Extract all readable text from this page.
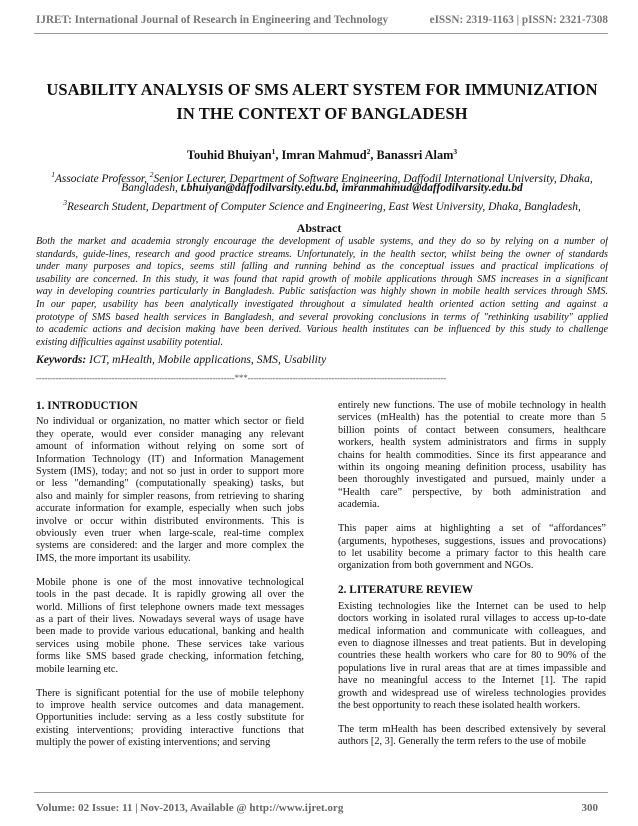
IJRET: International Journal of Research in Engineering and Technology	eISSN: 2319-1163 | pISSN: 2321-7308
USABILITY ANALYSIS OF SMS ALERT SYSTEM FOR IMMUNIZATION
IN THE CONTEXT OF BANGLADESH
Touhid Bhuiyan$^1$, Imran Mahmud$^2$, Banassri Alam$^3$
$^1$Associate Professor, $^2$Senior Lecturer, Department of Software Engineering, Daffodil International University, Dhaka,
Bangladesh, t.bhuiyan@daffodilvarsity.edu.bd, imranmahmud@daffodilvarsity.edu.bd
$^3$Research Student, Department of Computer Science and Engineering, East West University, Dhaka, Bangladesh,
Abstract
Both the market and academia strongly encourage the development of usable systems, and they do so by relying on a number of
standards, guide-lines, research and good practice streams. Unfortunately, in the health sector, whilst being the owner of standards
under many purposes and topics, seems still falling and running behind as the conceptual issues and practical implications of
usability are concerned. In this study, it was found that rapid growth of mobile applications through SMS increases in a significant
way in developing countries particularly in Bangladesh. Public satisfaction was highly shown in mobile health services through SMS.
In our paper, usability has been analytically investigated throughout a simulated health oriented action setting and against a
prototype of SMS based health services in Bangladesh, and several provoking conclusions in terms of "rethinking usability" applied
to academic actions and decision making have been derived. Various health institutes can be influenced by this study to challenge
existing difficulties against usability potential.
Keywords: ICT, mHealth, Mobile applications, SMS, Usability
-----------------------------------------------------------------------***-----------------------------------------------------------------------
1. INTRODUCTION

No individual or organization, no matter which sector or field
they operate, would ever consider managing any relevant
amount of information without relying on some sort of
Information Technology (IT) and Information Management
System (IMS), today; and not so just in order to support more
or less "demanding" (computationally speaking) tasks, but
also and mainly for simpler reasons, from retrieving to sharing
accurate information for example, especially when such jobs
involve or occur within distributed environments. This is
obviously even truer when large-scale, real-time complex
systems are considered: and the larger and more complex the
IMS, the more important its usability.

Mobile phone is one of the most innovative technological
tools in the past decade. It is rapidly growing all over the
world. Millions of first telephone owners made text messages
as a part of their lives. Nowadays several ways of usage have
been made to provide various educational, banking and health
services using mobile phone. These services take various
forms like SMS based grade checking, information fetching,
mobile learning etc.

There is significant potential for the use of mobile telephony
to improve health service outcomes and data management.
Opportunities include: serving as a less costly substitute for
existing interventions; providing interactive functions that
multiply the power of existing interventions; and serving

entirely new functions. The use of mobile technology in health
services (mHealth) has the potential to create more than 5
billion points of contact between consumers, healthcare
workers, health system administrators and firms in supply
chains for health commodities. Since its first appearance and
within its ongoing meaning definition process, usability has
been thoroughly investigated and pursued, mainly under a
“Health care” perspective, by both administration and
academia.

This paper aims at highlighting a set of “affordances”
(arguments, hypotheses, suggestions, issues and provocations)
to let usability become a primary factor to this health care
organization from both government and NGOs.

2. LITERATURE REVIEW

Existing technologies like the Internet can be used to help
doctors working in isolated rural villages to access up-to-date
medical information and communicate with colleagues, and
even to diagnose illnesses and treat patients. But in developing
countries these health workers who care for 80 to 90% of the
populations live in rural areas that are at times impassible and
have no meaningful access to the Internet [1]. The rapid
growth and widespread use of wireless technologies provides
the best opportunity to reach these isolated health workers.

The term mHealth has been described extensively by several
authors [2, 3]. Generally the term refers to the use of mobile

Volume: 02 Issue: 11 | Nov-2013, Available @ http://www.ijret.org	300
